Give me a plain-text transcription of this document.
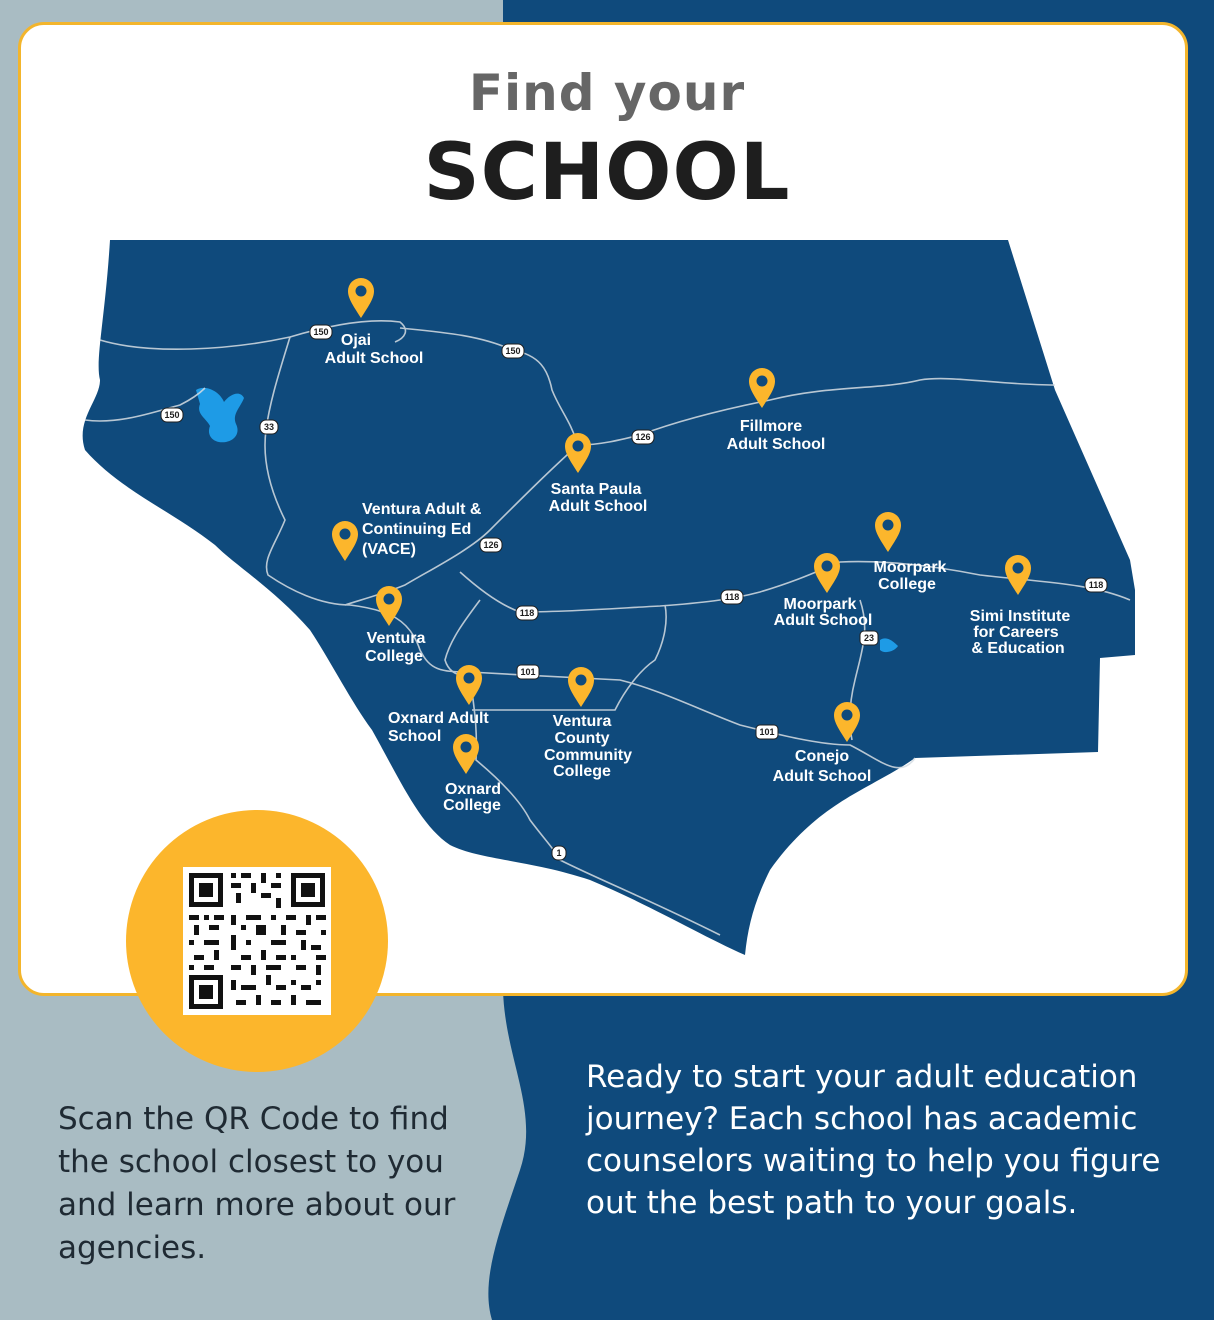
Find your
SCHOOL
150
150
150
33
126
126
118
118
118
101
101
23
1
Ojai Adult School
Fillmore Adult School
Santa Paula Adult School
Ventura Adult & Continuing Ed (VACE)
Ventura College
Moorpark College
Moorpark Adult School	Simi Institute for Careers & Education
Oxnard Adult School
Ventura County Community College
Oxnard College
Conejo Adult School
Scan the QR Code to find the school closest to you and learn more about our agencies.
Ready to start your adult education journey? Each school has academic counselors waiting to help you figure out the best path to your goals.
